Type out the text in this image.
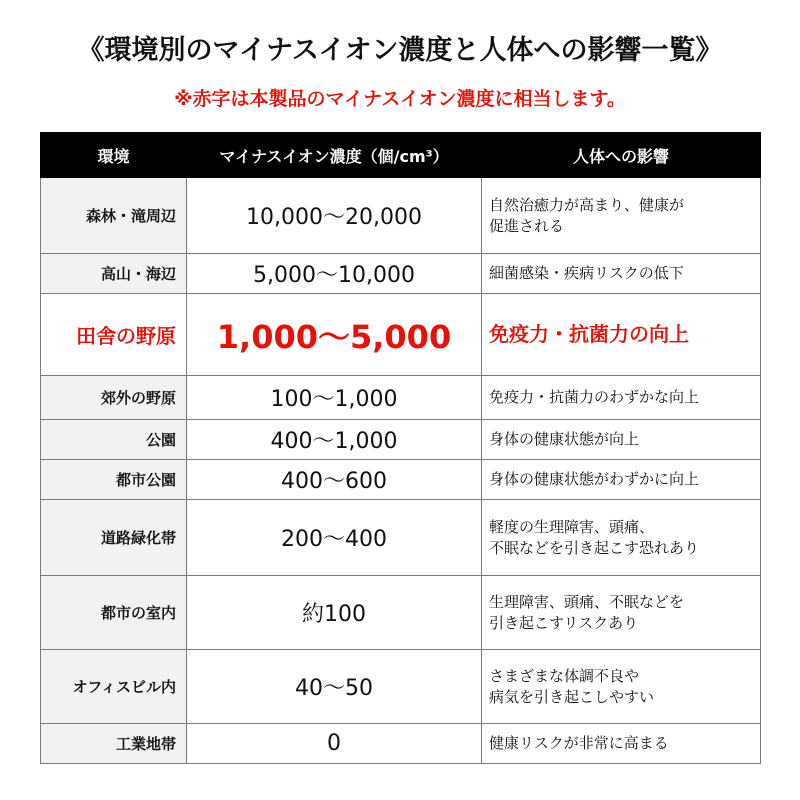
《環境別のマイナスイオン濃度と人体への影響一覧》
※赤字は本製品のマイナスイオン濃度に相当します。
環境	マイナスイオン濃度（個/cm³）	人体への影響
森林・滝周辺	10,000〜20,000	自然治癒力が高まり、健康が
促進される

高山・海辺	5,000〜10,000	細菌感染・疾病リスクの低下

田舎の野原	1,000〜5,000	免疫力・抗菌力の向上

郊外の野原	100〜1,000	免疫力・抗菌力のわずかな向上

公園	400〜1,000	身体の健康状態が向上

都市公園	400〜600	身体の健康状態がわずかに向上

道路緑化帯	200〜400	軽度の生理障害、頭痛、
不眠などを引き起こす恐れあり

都市の室内	約100	生理障害、頭痛、不眠などを
引き起こすリスクあり

オフィスビル内	40〜50	さまざまな体調不良や
病気を引き起こしやすい

工業地帯	0	健康リスクが非常に高まる
